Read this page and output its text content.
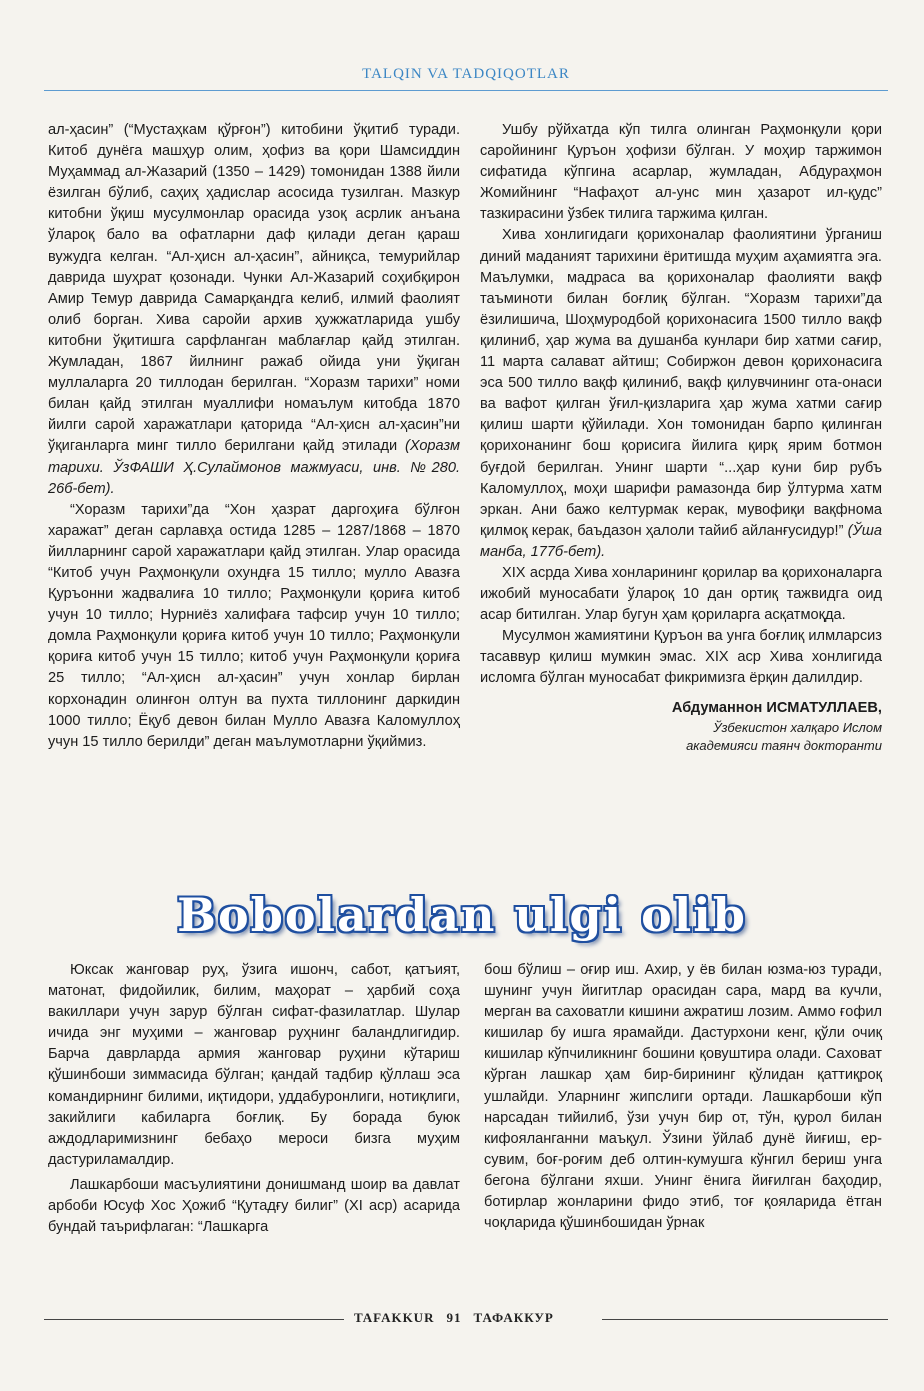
TALQIN VA TADQIQOTLAR

ал-ҳасин” (“Мустаҳкам қўрғон”) китобини ўқитиб туради. Китоб дунёга машҳур олим, ҳофиз ва қори Шамсиддин Муҳаммад ал-Жазарий (1350 – 1429) томонидан 1388 йили ёзилган бўлиб, саҳиҳ ҳадислар асосида тузилган. Мазкур китобни ўқиш мусулмонлар орасида узоқ асрлик анъана ўлароқ бало ва офатларни даф қилади деган қараш вужудга келган. “Ал-ҳисн ал-ҳасин”, айниқса, темурийлар даврида шуҳрат қозонади. Чунки Ал-Жазарий соҳибқирон Амир Темур даврида Самарқандга келиб, илмий фаолият олиб борган. Хива саройи архив ҳужжатларида ушбу китобни ўқитишга сарфланган маблағлар қайд этилган. Жумладан, 1867 йилнинг ражаб ойида уни ўқиган муллаларга 20 тиллодан берилган. “Хоразм тарихи” номи билан қайд этилган муаллифи номаълум китобда 1870 йилги сарой харажатлари қаторида “Ал-ҳисн ал-ҳасин”ни ўқиганларга минг тилло берилгани қайд этилади (Хоразм тарихи. ЎзФАШИ Ҳ.Сулаймонов мажмуаси, инв. №280. 26б-бет).

“Хоразм тарихи”да “Хон ҳазрат даргоҳиға бўлғон харажат” деган сарлавҳа остида 1285 – 1287/1868 – 1870 йилларнинг сарой харажатлари қайд этилган. Улар орасида “Китоб учун Раҳмонқули охундға 15 тилло; мулло Авазға Қуръонни жадвалиға 10 тилло; Раҳмонқули қориға китоб учун 10 тилло; Нурниёз халифаға тафсир учун 10 тилло; домла Раҳмонқули қориға китоб учун 10 тилло; Раҳмонқули қориға китоб учун 15 тилло; китоб учун Раҳмонқули қориға 25 тилло; “Ал-ҳисн ал-ҳасин” учун хонлар бирлан корхонадин олинғон олтун ва пухта тиллонинг даркидин 1000 тилло; Ёқуб девон билан Мулло Авазға Каломуллоҳ учун 15 тилло берилди” деган маълумотларни ўқиймиз.

Ушбу рўйхатда кўп тилга олинган Раҳмонқули қори саройининг Қуръон ҳофизи бўлган. У моҳир таржимон сифатида кўпгина асарлар, жумладан, Абдураҳмон Жомийнинг “Нафаҳот ал-унс мин ҳазарот ил-қудс” тазкирасини ўзбек тилига таржима қилган.

Хива хонлигидаги қорихоналар фаолиятини ўрганиш диний маданият тарихини ёритишда муҳим аҳамиятга эга. Маълумки, мадраса ва қорихоналар фаолияти вақф таъминоти билан боғлиқ бўлган. “Хоразм тарихи”да ёзилишича, Шоҳмуродбой қорихонасига 1500 тилло вақф қилиниб, ҳар жума ва душанба кунлари бир хатми сағир, 11 марта салават айтиш; Собиржон девон қорихонасига эса 500 тилло вақф қилиниб, вақф қилувчининг ота-онаси ва вафот қилган ўғил-қизларига ҳар жума хатми сағир қилиш шарти қўйилади. Хон томонидан барпо қилинган қорихонанинг бош қорисига йилига қирқ ярим ботмон буғдой берилган. Унинг шарти “...ҳар куни бир рубъ Каломуллоҳ, моҳи шарифи рамазонда бир ўлтурма хатм эркан. Ани бажо келтурмак керак, мувофиқи вақфнома қилмоқ керак, баъдазон ҳалоли тайиб айланғусидур!” (Ўша манба, 177б-бет).

XIX асрда Хива хонларининг қорилар ва қорихоналарга ижобий муносабати ўлароқ 10 дан ортиқ тажвидга оид асар битилган. Улар бугун ҳам қориларга асқатмоқда.

Мусулмон жамиятини Қуръон ва унга боғлиқ илмларсиз тасаввур қилиш мумкин эмас. XIX аср Хива хонлигида исломга бўлган муносабат фикримизга ёрқин далилдир.

Абдуманнон ИСМАТУЛЛАЕВ,
Ўзбекистон халқаро Ислом
академияси таянч докторанти
Bobolardan ulgi olib

Юксак жанговар руҳ, ўзига ишонч, сабот, қатъият, матонат, фидойилик, билим, маҳорат – ҳарбий соҳа вакиллари учун зарур бўлган сифат-фазилатлар. Шулар ичида энг муҳими – жанговар руҳнинг баландлигидир. Барча даврларда армия жанговар руҳини кўтариш қўшинбоши зиммасида бўлган; қандай тадбир қўллаш эса командирнинг билими, иқтидори, уддабуронлиги, нотиқлиги, закийлиги кабиларга боғлиқ. Бу борада буюк аждодларимизнинг бебаҳо мероси бизга муҳим дастуриламалдир.

Лашкарбоши масъулиятини донишманд шоир ва давлат арбоби Юсуф Хос Ҳожиб “Қутадғу билиг” (XI аср) асарида бундай таърифлаган: “Лашкарга

бош бўлиш – оғир иш. Ахир, у ёв билан юзма-юз туради, шунинг учун йигитлар орасидан сара, мард ва кучли, мерган ва саховатли кишини ажратиш лозим. Аммо ғофил кишилар бу ишга ярамайди. Дастурхони кенг, қўли очиқ кишилар кўпчиликнинг бошини қовуштира олади. Саховат кўрган лашкар ҳам бир-бирининг қўлидан қаттиқроқ ушлайди. Уларнинг жипслиги ортади. Лашкарбоши кўп нарсадан тийилиб, ўзи учун бир от, тўн, қурол билан кифояланганни маъқул. Ўзини ўйлаб дунё йиғиш, ер-сувим, боғ-роғим деб олтин-кумушга кўнгил бериш унга бегона бўлгани яхши. Унинг ёнига йиғилган баҳодир, ботирлар жонларини фидо этиб, тоғ қояларида ётган чоқларида қўшинбошидан ўрнак

TAFAKKUR 91 ТАФАККУР
